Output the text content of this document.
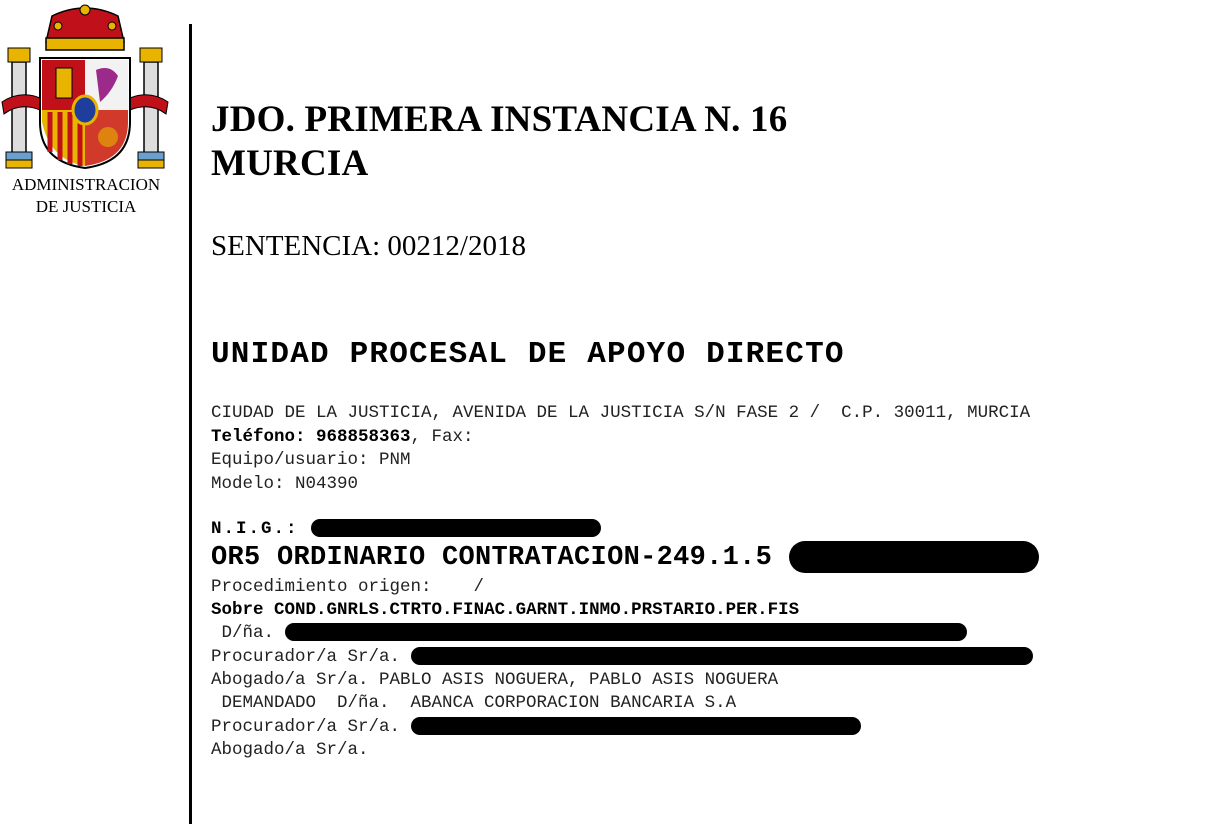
ADMINISTRACION
DE JUSTICIA
JDO. PRIMERA INSTANCIA N. 16
MURCIA
SENTENCIA: 00212/2018
UNIDAD PROCESAL DE APOYO DIRECTO
CIUDAD DE LA JUSTICIA, AVENIDA DE LA JUSTICIA S/N FASE 2 /  C.P. 30011, MURCIA
Teléfono: 968858363, Fax:
Equipo/usuario: PNM
Modelo: N04390
N.I.G.:
OR5 ORDINARIO CONTRATACION-249.1.5
Procedimiento origen:    /
Sobre COND.GNRLS.CTRTO.FINAC.GARNT.INMO.PRSTARIO.PER.FIS
D/ña.
Procurador/a Sr/a.
Abogado/a Sr/a. PABLO ASIS NOGUERA, PABLO ASIS NOGUERA
DEMANDADO  D/ña.  ABANCA CORPORACION BANCARIA S.A
Procurador/a Sr/a.
Abogado/a Sr/a.
